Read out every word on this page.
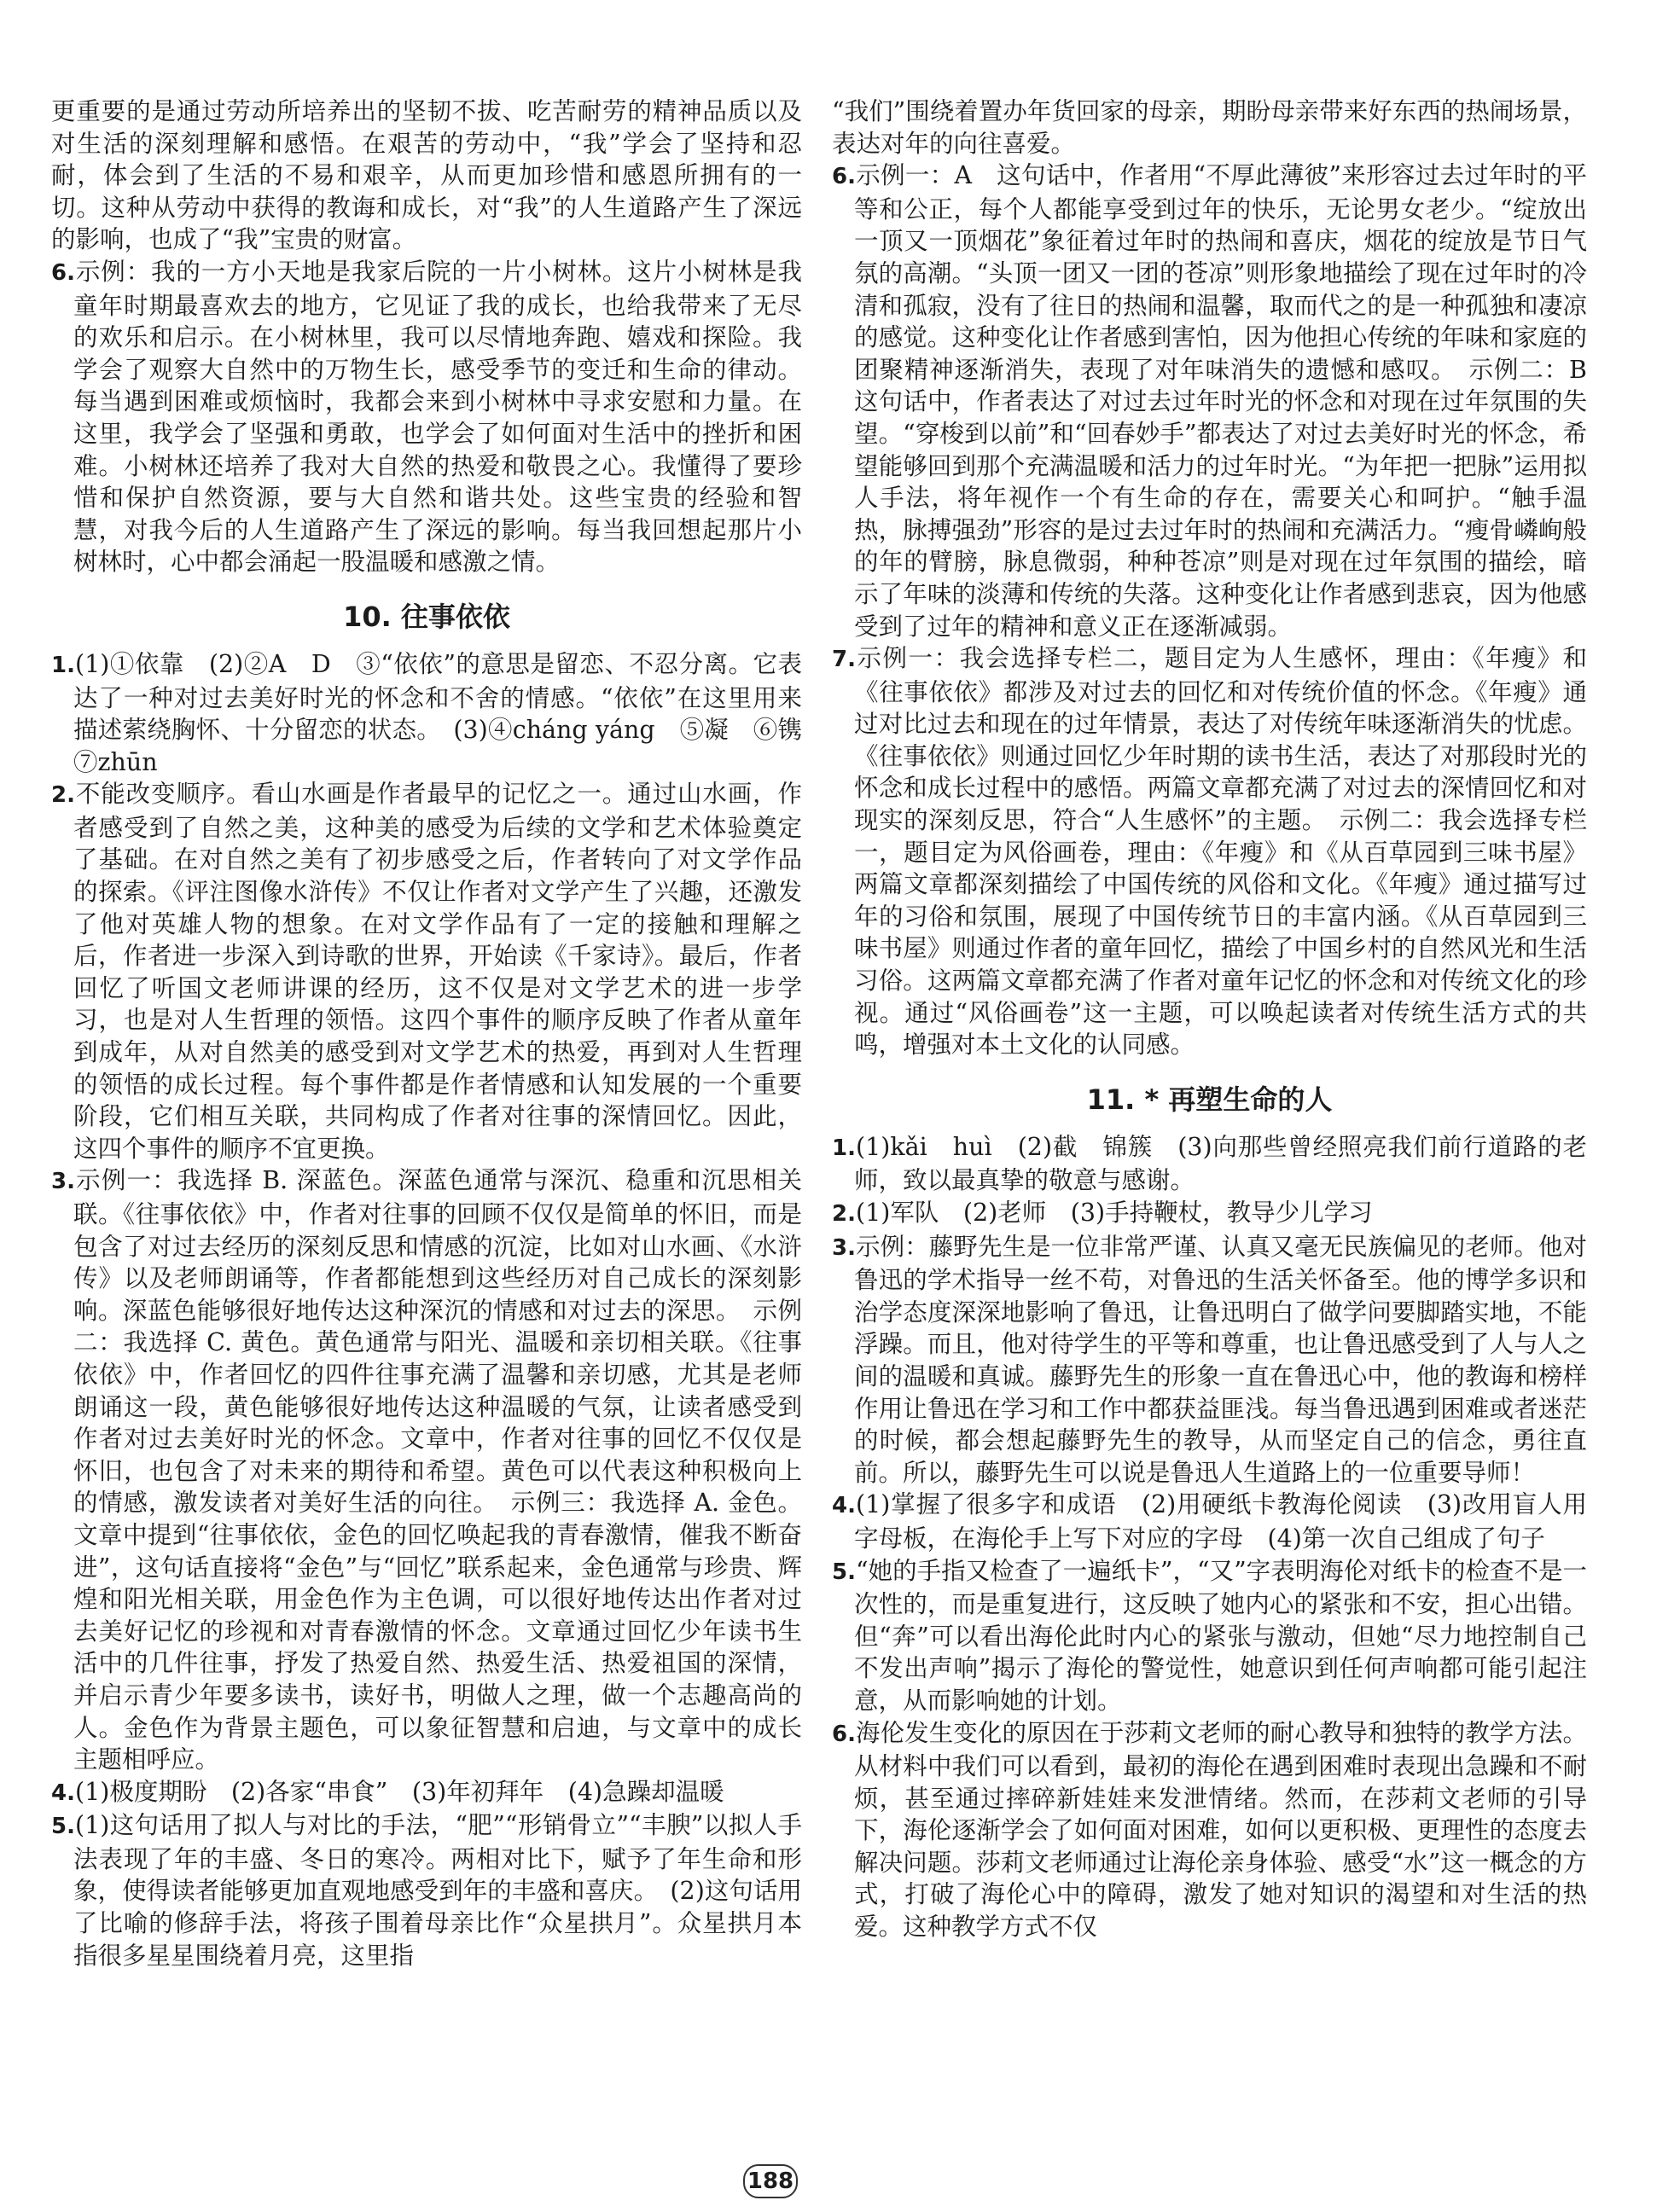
更重要的是通过劳动所培养出的坚韧不拔、吃苦耐劳的精神品质以及对生活的深刻理解和感悟。在艰苦的劳动中，“我”学会了坚持和忍耐，体会到了生活的不易和艰辛，从而更加珍惜和感恩所拥有的一切。这种从劳动中获得的教诲和成长，对“我”的人生道路产生了深远的影响，也成了“我”宝贵的财富。

6.示例：我的一方小天地是我家后院的一片小树林。这片小树林是我童年时期最喜欢去的地方，它见证了我的成长，也给我带来了无尽的欢乐和启示。在小树林里，我可以尽情地奔跑、嬉戏和探险。我学会了观察大自然中的万物生长，感受季节的变迁和生命的律动。每当遇到困难或烦恼时，我都会来到小树林中寻求安慰和力量。在这里，我学会了坚强和勇敢，也学会了如何面对生活中的挫折和困难。小树林还培养了我对大自然的热爱和敬畏之心。我懂得了要珍惜和保护自然资源，要与大自然和谐共处。这些宝贵的经验和智慧，对我今后的人生道路产生了深远的影响。每当我回想起那片小树林时，心中都会涌起一股温暖和感激之情。

10. 往事依依

1.(1)①依靠　(2)②A　D　③“依依”的意思是留恋、不忍分离。它表达了一种对过去美好时光的怀念和不舍的情感。“依依”在这里用来描述萦绕胸怀、十分留恋的状态。　(3)④cháng yáng　⑤凝　⑥镌　⑦zhūn

2.不能改变顺序。看山水画是作者最早的记忆之一。通过山水画，作者感受到了自然之美，这种美的感受为后续的文学和艺术体验奠定了基础。在对自然之美有了初步感受之后，作者转向了对文学作品的探索。《评注图像水浒传》不仅让作者对文学产生了兴趣，还激发了他对英雄人物的想象。在对文学作品有了一定的接触和理解之后，作者进一步深入到诗歌的世界，开始读《千家诗》。最后，作者回忆了听国文老师讲课的经历，这不仅是对文学艺术的进一步学习，也是对人生哲理的领悟。这四个事件的顺序反映了作者从童年到成年，从对自然美的感受到对文学艺术的热爱，再到对人生哲理的领悟的成长过程。每个事件都是作者情感和认知发展的一个重要阶段，它们相互关联，共同构成了作者对往事的深情回忆。因此，这四个事件的顺序不宜更换。

3.示例一：我选择 B. 深蓝色。深蓝色通常与深沉、稳重和沉思相关联。《往事依依》中，作者对往事的回顾不仅仅是简单的怀旧，而是包含了对过去经历的深刻反思和情感的沉淀，比如对山水画、《水浒传》以及老师朗诵等，作者都能想到这些经历对自己成长的深刻影响。深蓝色能够很好地传达这种深沉的情感和对过去的深思。　示例二：我选择 C. 黄色。黄色通常与阳光、温暖和亲切相关联。《往事依依》中，作者回忆的四件往事充满了温馨和亲切感，尤其是老师朗诵这一段，黄色能够很好地传达这种温暖的气氛，让读者感受到作者对过去美好时光的怀念。文章中，作者对往事的回忆不仅仅是怀旧，也包含了对未来的期待和希望。黄色可以代表这种积极向上的情感，激发读者对美好生活的向往。　示例三：我选择 A. 金色。文章中提到“往事依依，金色的回忆唤起我的青春激情，催我不断奋进”，这句话直接将“金色”与“回忆”联系起来，金色通常与珍贵、辉煌和阳光相关联，用金色作为主色调，可以很好地传达出作者对过去美好记忆的珍视和对青春激情的怀念。文章通过回忆少年读书生活中的几件往事，抒发了热爱自然、热爱生活、热爱祖国的深情，并启示青少年要多读书，读好书，明做人之理，做一个志趣高尚的人。金色作为背景主题色，可以象征智慧和启迪，与文章中的成长主题相呼应。

4.(1)极度期盼　(2)各家“串食”　(3)年初拜年　(4)急躁却温暖

5.(1)这句话用了拟人与对比的手法，“肥”“形销骨立”“丰腴”以拟人手法表现了年的丰盛、冬日的寒冷。两相对比下，赋予了年生命和形象，使得读者能够更加直观地感受到年的丰盛和喜庆。　(2)这句话用了比喻的修辞手法，将孩子围着母亲比作“众星拱月”。众星拱月本指很多星星围绕着月亮，这里指

“我们”围绕着置办年货回家的母亲，期盼母亲带来好东西的热闹场景，表达对年的向往喜爱。

6.示例一：A　这句话中，作者用“不厚此薄彼”来形容过去过年时的平等和公正，每个人都能享受到过年的快乐，无论男女老少。“绽放出一顶又一顶烟花”象征着过年时的热闹和喜庆，烟花的绽放是节日气氛的高潮。“头顶一团又一团的苍凉”则形象地描绘了现在过年时的冷清和孤寂，没有了往日的热闹和温馨，取而代之的是一种孤独和凄凉的感觉。这种变化让作者感到害怕，因为他担心传统的年味和家庭的团聚精神逐渐消失，表现了对年味消失的遗憾和感叹。　示例二：B　这句话中，作者表达了对过去过年时光的怀念和对现在过年氛围的失望。“穿梭到以前”和“回春妙手”都表达了对过去美好时光的怀念，希望能够回到那个充满温暖和活力的过年时光。“为年把一把脉”运用拟人手法，将年视作一个有生命的存在，需要关心和呵护。“触手温热，脉搏强劲”形容的是过去过年时的热闹和充满活力。“瘦骨嶙峋般的年的臂膀，脉息微弱，种种苍凉”则是对现在过年氛围的描绘，暗示了年味的淡薄和传统的失落。这种变化让作者感到悲哀，因为他感受到了过年的精神和意义正在逐渐减弱。

7.示例一：我会选择专栏二，题目定为人生感怀，理由：《年瘦》和《往事依依》都涉及对过去的回忆和对传统价值的怀念。《年瘦》通过对比过去和现在的过年情景，表达了对传统年味逐渐消失的忧虑。《往事依依》则通过回忆少年时期的读书生活，表达了对那段时光的怀念和成长过程中的感悟。两篇文章都充满了对过去的深情回忆和对现实的深刻反思，符合“人生感怀”的主题。　示例二：我会选择专栏一，题目定为风俗画卷，理由：《年瘦》和《从百草园到三味书屋》两篇文章都深刻描绘了中国传统的风俗和文化。《年瘦》通过描写过年的习俗和氛围，展现了中国传统节日的丰富内涵。《从百草园到三味书屋》则通过作者的童年回忆，描绘了中国乡村的自然风光和生活习俗。这两篇文章都充满了作者对童年记忆的怀念和对传统文化的珍视。通过“风俗画卷”这一主题，可以唤起读者对传统生活方式的共鸣，增强对本土文化的认同感。

11. * 再塑生命的人

1.(1)kǎi　huì　(2)截　锦簇　(3)向那些曾经照亮我们前行道路的老师，致以最真挚的敬意与感谢。

2.(1)军队　(2)老师　(3)手持鞭杖，教导少儿学习

3.示例：藤野先生是一位非常严谨、认真又毫无民族偏见的老师。他对鲁迅的学术指导一丝不苟，对鲁迅的生活关怀备至。他的博学多识和治学态度深深地影响了鲁迅，让鲁迅明白了做学问要脚踏实地，不能浮躁。而且，他对待学生的平等和尊重，也让鲁迅感受到了人与人之间的温暖和真诚。藤野先生的形象一直在鲁迅心中，他的教诲和榜样作用让鲁迅在学习和工作中都获益匪浅。每当鲁迅遇到困难或者迷茫的时候，都会想起藤野先生的教导，从而坚定自己的信念，勇往直前。所以，藤野先生可以说是鲁迅人生道路上的一位重要导师！

4.(1)掌握了很多字和成语　(2)用硬纸卡教海伦阅读　(3)改用盲人用字母板，在海伦手上写下对应的字母　(4)第一次自己组成了句子

5.“她的手指又检查了一遍纸卡”，“又”字表明海伦对纸卡的检查不是一次性的，而是重复进行，这反映了她内心的紧张和不安，担心出错。但“奔”可以看出海伦此时内心的紧张与激动，但她“尽力地控制自己不发出声响”揭示了海伦的警觉性，她意识到任何声响都可能引起注意，从而影响她的计划。

6.海伦发生变化的原因在于莎莉文老师的耐心教导和独特的教学方法。从材料中我们可以看到，最初的海伦在遇到困难时表现出急躁和不耐烦，甚至通过摔碎新娃娃来发泄情绪。然而，在莎莉文老师的引导下，海伦逐渐学会了如何面对困难，如何以更积极、更理性的态度去解决问题。莎莉文老师通过让海伦亲身体验、感受“水”这一概念的方式，打破了海伦心中的障碍，激发了她对知识的渴望和对生活的热爱。这种教学方式不仅

188
